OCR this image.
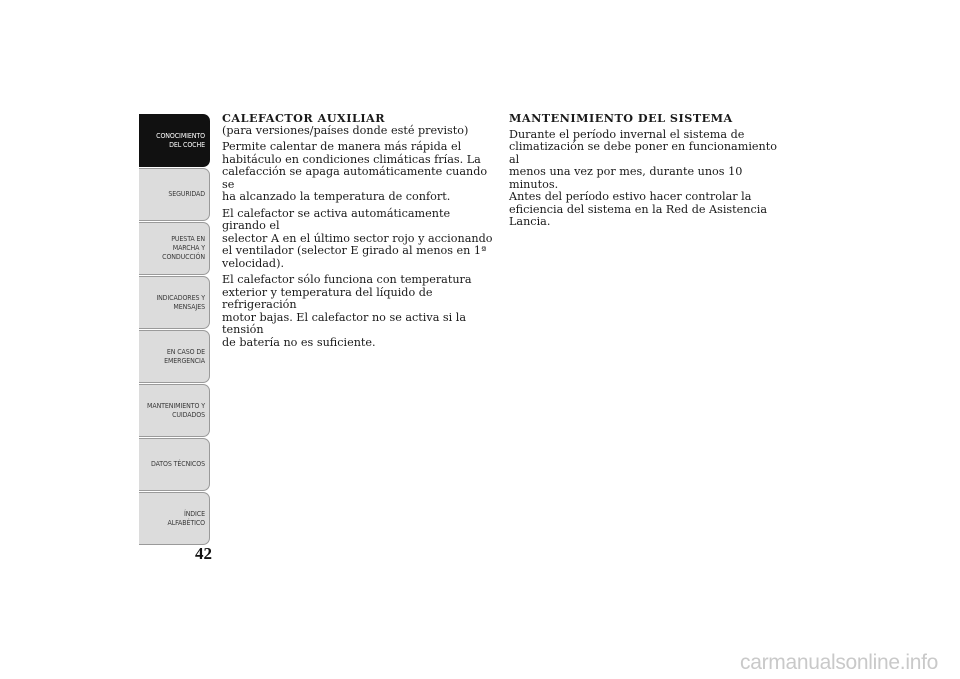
CONOCIMIENTO
DEL COCHE
SEGURIDAD
PUESTA EN
MARCHA Y
CONDUCCIÓN
INDICADORES Y
MENSAJES
EN CASO DE
EMERGENCIA
MANTENIMIENTO Y
CUIDADOS
DATOS TÉCNICOS
ÍNDICE
ALFABÉTICO
42

CALEFACTOR AUXILIAR

(para versiones/países donde esté previsto)

Permite calentar de manera más rápida el
habitáculo en condiciones climáticas frías. La
calefacción se apaga automáticamente cuando se
ha alcanzado la temperatura de confort.

El calefactor se activa automáticamente girando el
selector A en el último sector rojo y accionando
el ventilador (selector E girado al menos en 1ª
velocidad).

El calefactor sólo funciona con temperatura
exterior y temperatura del líquido de refrigeración
motor bajas. El calefactor no se activa si la tensión
de batería no es suficiente.

MANTENIMIENTO DEL SISTEMA

Durante el período invernal el sistema de
climatización se debe poner en funcionamiento al
menos una vez por mes, durante unos 10 minutos.
Antes del período estivo hacer controlar la
eficiencia del sistema en la Red de Asistencia
Lancia.

carmanualsonline.info
